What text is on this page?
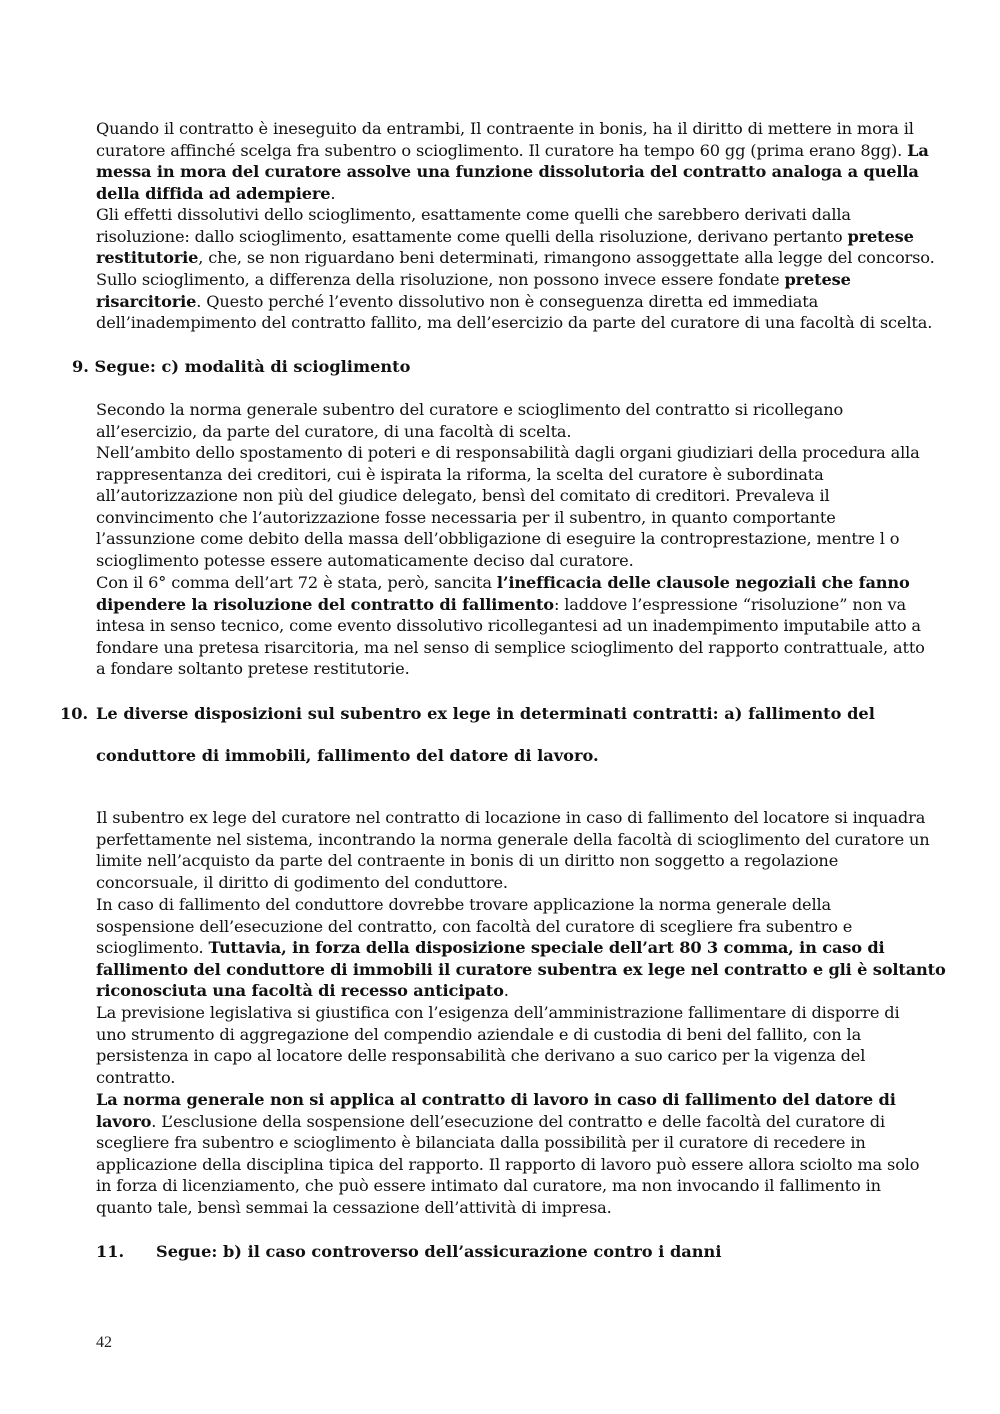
Quando il contratto è ineseguito da entrambi, Il contraente in bonis, ha il diritto di mettere in mora il
curatore affinché scelga fra subentro o scioglimento. Il curatore ha tempo 60 gg (prima erano 8gg). La
messa in mora del curatore assolve una funzione dissolutoria del contratto analoga a quella
della diffida ad adempiere.
Gli effetti dissolutivi dello scioglimento, esattamente come quelli che sarebbero derivati dalla
risoluzione: dallo scioglimento, esattamente come quelli della risoluzione, derivano pertanto pretese
restitutorie, che, se non riguardano beni determinati, rimangono assoggettate alla legge del concorso.
Sullo scioglimento, a differenza della risoluzione, non possono invece essere fondate pretese
risarcitorie. Questo perché l’evento dissolutivo non è conseguenza diretta ed immediata
dell’inadempimento del contratto fallito, ma dell’esercizio da parte del curatore di una facoltà di scelta.
9. Segue: c) modalità di scioglimento
Secondo la norma generale subentro del curatore e scioglimento del contratto si ricollegano
all’esercizio, da parte del curatore, di una facoltà di scelta.
Nell’ambito dello spostamento di poteri e di responsabilità dagli organi giudiziari della procedura alla
rappresentanza dei creditori, cui è ispirata la riforma, la scelta del curatore è subordinata
all’autorizzazione non più del giudice delegato, bensì del comitato di creditori. Prevaleva il
convincimento che l’autorizzazione fosse necessaria per il subentro, in quanto comportante
l’assunzione come debito della massa dell’obbligazione di eseguire la controprestazione, mentre l o
scioglimento potesse essere automaticamente deciso dal curatore.
Con il 6° comma dell’art 72 è stata, però, sancita l’inefficacia delle clausole negoziali che fanno
dipendere la risoluzione del contratto di fallimento: laddove l’espressione “risoluzione” non va
intesa in senso tecnico, come evento dissolutivo ricollegantesi ad un inadempimento imputabile atto a
fondare una pretesa risarcitoria, ma nel senso di semplice scioglimento del rapporto contrattuale, atto
a fondare soltanto pretese restitutorie.
10. Le diverse disposizioni sul subentro ex lege in determinati contratti: a) fallimento del
conduttore di immobili, fallimento del datore di lavoro.
Il subentro ex lege del curatore nel contratto di locazione in caso di fallimento del locatore si inquadra
perfettamente nel sistema, incontrando la norma generale della facoltà di scioglimento del curatore un
limite nell’acquisto da parte del contraente in bonis di un diritto non soggetto a regolazione
concorsuale, il diritto di godimento del conduttore.
In caso di fallimento del conduttore dovrebbe trovare applicazione la norma generale della
sospensione dell’esecuzione del contratto, con facoltà del curatore di scegliere fra subentro e
scioglimento. Tuttavia, in forza della disposizione speciale dell’art 80 3 comma, in caso di
fallimento del conduttore di immobili il curatore subentra ex lege nel contratto e gli è soltanto
riconosciuta una facoltà di recesso anticipato.
La previsione legislativa si giustifica con l’esigenza dell’amministrazione fallimentare di disporre di
uno strumento di aggregazione del compendio aziendale e di custodia di beni del fallito, con la
persistenza in capo al locatore delle responsabilità che derivano a suo carico per la vigenza del
contratto.
La norma generale non si applica al contratto di lavoro in caso di fallimento del datore di
lavoro. L’esclusione della sospensione dell’esecuzione del contratto e delle facoltà del curatore di
scegliere fra subentro e scioglimento è bilanciata dalla possibilità per il curatore di recedere in
applicazione della disciplina tipica del rapporto. Il rapporto di lavoro può essere allora sciolto ma solo
in forza di licenziamento, che può essere intimato dal curatore, ma non invocando il fallimento in
quanto tale, bensì semmai la cessazione dell’attività di impresa.
11. Segue: b) il caso controverso dell’assicurazione contro i danni
42
